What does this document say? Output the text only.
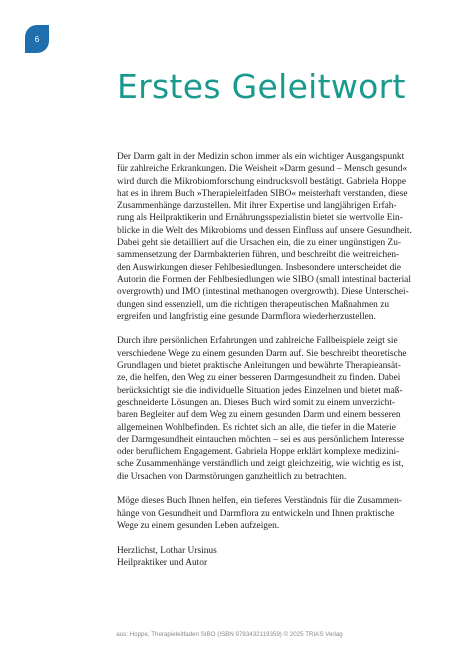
6
Erstes Geleitwort

Der Darm galt in der Medizin schon immer als ein wichtiger Ausgangspunkt
für zahlreiche Erkrankungen. Die Weisheit »Darm gesund – Mensch gesund«
wird durch die Mikrobiomforschung eindrucksvoll bestätigt. Gabriela Hoppe
hat es in ihrem Buch »Therapieleitfaden SIBO« meisterhaft verstanden, diese
Zusammenhänge darzustellen. Mit ihrer Expertise und langjährigen Erfah-
rung als Heilpraktikerin und Ernährungsspezialistin bietet sie wertvolle Ein-
blicke in die Welt des Mikrobioms und dessen Einfluss auf unsere Gesundheit.
Dabei geht sie detailliert auf die Ursachen ein, die zu einer ungünstigen Zu-
sammensetzung der Darmbakterien führen, und beschreibt die weitreichen-
den Auswirkungen dieser Fehlbesiedlungen. Insbesondere unterscheidet die
Autorin die Formen der Fehlbesiedlungen wie SIBO (small intestinal bacterial
overgrowth) und IMO (intestinal methanogen overgrowth). Diese Unterschei-
dungen sind essenziell, um die richtigen therapeutischen Maßnahmen zu
ergreifen und langfristig eine gesunde Darmflora wiederherzustellen.

Durch ihre persönlichen Erfahrungen und zahlreiche Fallbeispiele zeigt sie
verschiedene Wege zu einem gesunden Darm auf. Sie beschreibt theoretische
Grundlagen und bietet praktische Anleitungen und bewährte Therapieansät-
ze, die helfen, den Weg zu einer besseren Darmgesundheit zu finden. Dabei
berücksichtigt sie die individuelle Situation jedes Einzelnen und bietet maß-
geschneiderte Lösungen an. Dieses Buch wird somit zu einem unverzicht-
baren Begleiter auf dem Weg zu einem gesunden Darm und einem besseren
allgemeinen Wohlbefinden. Es richtet sich an alle, die tiefer in die Materie
der Darmgesundheit eintauchen möchten – sei es aus persönlichem Interesse
oder beruflichem Engagement. Gabriela Hoppe erklärt komplexe medizini-
sche Zusammenhänge verständlich und zeigt gleichzeitig, wie wichtig es ist,
die Ursachen von Darmstörungen ganzheitlich zu betrachten.

Möge dieses Buch Ihnen helfen, ein tieferes Verständnis für die Zusammen-
hänge von Gesundheit und Darmflora zu entwickeln und Ihnen praktische
Wege zu einem gesunden Leben aufzeigen.

Herzlichst, Lothar Ursinus
Heilpraktiker und Autor

aus: Hoppe, Therapieleitfaden SIBO (ISBN 9783432119359) © 2025 TRIAS Verlag
